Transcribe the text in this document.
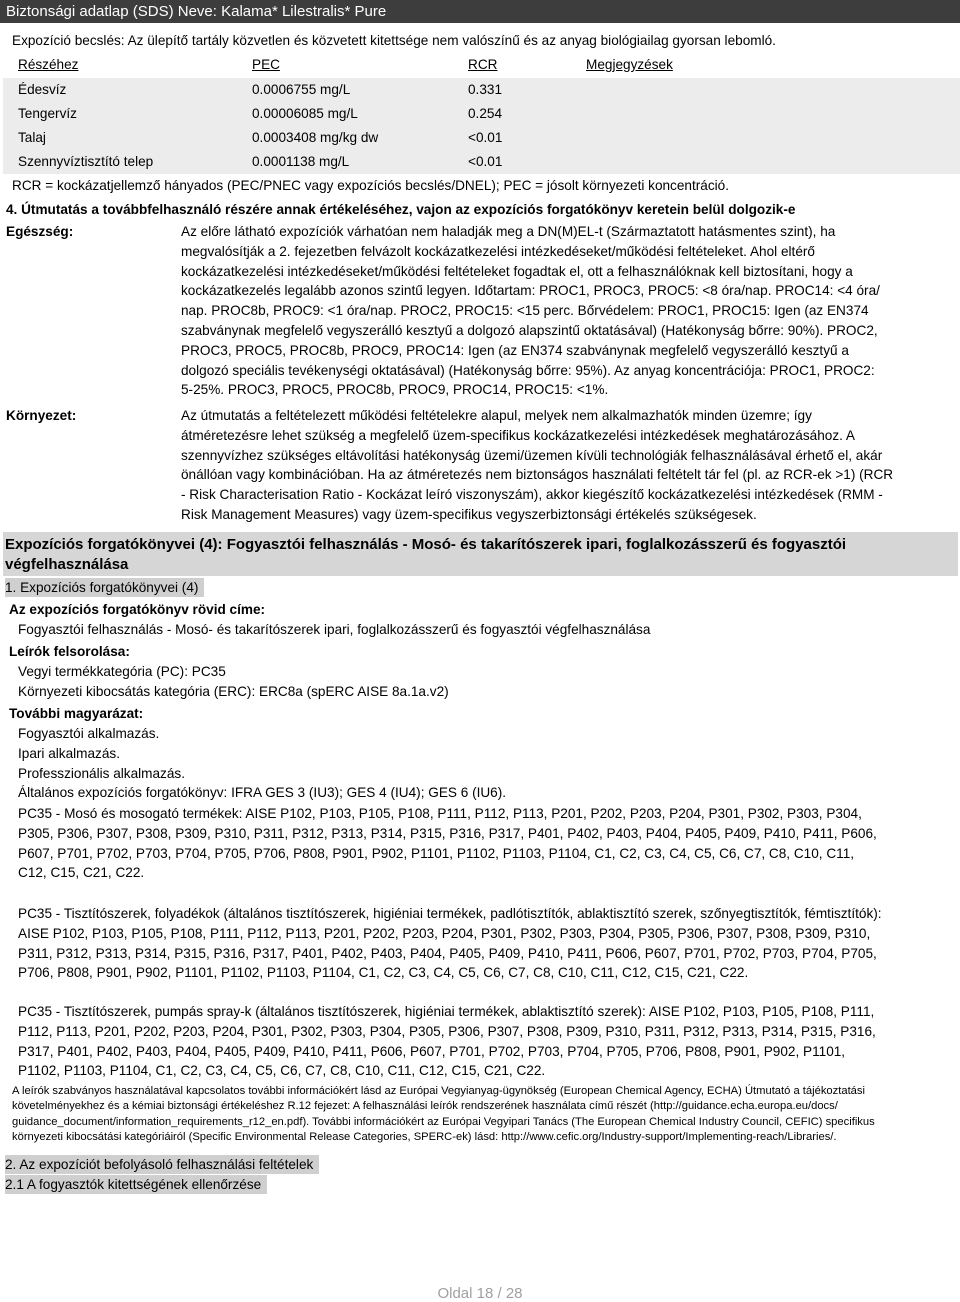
Biztonsági adatlap (SDS) Neve: Kalama* Lilestralis* Pure
Expozíció becslés: Az ülepítő tartály közvetlen és közvetett kitettsége nem valószínű és az anyag biológiailag gyorsan lebomló.
Részéhez	PEC	RCR	Megjegyzések
Édesvíz	0.0006755 mg/L	0.331
Tengervíz	0.00006085 mg/L	0.254
Talaj	0.0003408 mg/kg dw	<0.01
Szennyvíztisztító telep	0.0001138 mg/L	<0.01
RCR = kockázatjellemző hányados (PEC/PNEC vagy expozíciós becslés/DNEL); PEC = jósolt környezeti koncentráció.
4. Útmutatás a továbbfelhasználó részére annak értékeléséhez, vajon az expozíciós forgatókönyv keretein belül dolgozik-e
Egészség:	Az előre látható expozíciók várhatóan nem haladják meg a DN(M)EL-t (Származtatott hatásmentes szint), ha
megvalósítják a 2. fejezetben felvázolt kockázatkezelési intézkedéseket/működési feltételeket. Ahol eltérő
kockázatkezelési intézkedéseket/működési feltételeket fogadtak el, ott a felhasználóknak kell biztosítani, hogy a
kockázatkezelés legalább azonos szintű legyen. Időtartam: PROC1, PROC3, PROC5: <8 óra/nap. PROC14: <4 óra/
nap. PROC8b, PROC9: <1 óra/nap. PROC2, PROC15: <15 perc. Bőrvédelem: PROC1, PROC15: Igen (az EN374
szabványnak megfelelő vegyszerálló kesztyű a dolgozó alapszintű oktatásával) (Hatékonyság bőrre: 90%). PROC2,
PROC3, PROC5, PROC8b, PROC9, PROC14: Igen (az EN374 szabványnak megfelelő vegyszerálló kesztyű a
dolgozó speciális tevékenységi oktatásával) (Hatékonyság bőrre: 95%). Az anyag koncentrációja: PROC1, PROC2:
5-25%. PROC3, PROC5, PROC8b, PROC9, PROC14, PROC15: <1%.
Környezet:	Az útmutatás a feltételezett működési feltételekre alapul, melyek nem alkalmazhatók minden üzemre; így
átméretezésre lehet szükség a megfelelő üzem-specifikus kockázatkezelési intézkedések meghatározásához. A
szennyvízhez szükséges eltávolítási hatékonyság üzemi/üzemen kívüli technológiák felhasználásával érhető el, akár
önállóan vagy kombinációban. Ha az átméretezés nem biztonságos használati feltételt tár fel (pl. az RCR-ek >1) (RCR
- Risk Characterisation Ratio - Kockázat leíró viszonyszám), akkor kiegészítő kockázatkezelési intézkedések (RMM -
Risk Management Measures) vagy üzem-specifikus vegyszerbiztonsági értékelés szükségesek.
Expozíciós forgatókönyvei (4): Fogyasztói felhasználás - Mosó- és takarítószerek ipari, foglalkozásszerű és fogyasztói
végfelhasználása
1. Expozíciós forgatókönyvei (4)
Az expozíciós forgatókönyv rövid címe:
Fogyasztói felhasználás - Mosó- és takarítószerek ipari, foglalkozásszerű és fogyasztói végfelhasználása
Leírók felsorolása:
Vegyi termékkategória (PC): PC35
Környezeti kibocsátás kategória (ERC): ERC8a (spERC AISE 8a.1a.v2)
További magyarázat:
Fogyasztói alkalmazás.
Ipari alkalmazás.
Professzionális alkalmazás.
Általános expozíciós forgatókönyv: IFRA GES 3 (IU3); GES 4 (IU4); GES 6 (IU6).
PC35 - Mosó és mosogató termékek: AISE P102, P103, P105, P108, P111, P112, P113, P201, P202, P203, P204, P301, P302, P303, P304,
P305, P306, P307, P308, P309, P310, P311, P312, P313, P314, P315, P316, P317, P401, P402, P403, P404, P405, P409, P410, P411, P606,
P607, P701, P702, P703, P704, P705, P706, P808, P901, P902, P1101, P1102, P1103, P1104, C1, C2, C3, C4, C5, C6, C7, C8, C10, C11,
C12, C15, C21, C22.
PC35 - Tisztítószerek, folyadékok (általános tisztítószerek, higiéniai termékek, padlótisztítók, ablaktisztító szerek, szőnyegtisztítók, fémtisztítók):
AISE P102, P103, P105, P108, P111, P112, P113, P201, P202, P203, P204, P301, P302, P303, P304, P305, P306, P307, P308, P309, P310,
P311, P312, P313, P314, P315, P316, P317, P401, P402, P403, P404, P405, P409, P410, P411, P606, P607, P701, P702, P703, P704, P705,
P706, P808, P901, P902, P1101, P1102, P1103, P1104, C1, C2, C3, C4, C5, C6, C7, C8, C10, C11, C12, C15, C21, C22.
PC35 - Tisztítószerek, pumpás spray-k (általános tisztítószerek, higiéniai termékek, ablaktisztító szerek): AISE P102, P103, P105, P108, P111,
P112, P113, P201, P202, P203, P204, P301, P302, P303, P304, P305, P306, P307, P308, P309, P310, P311, P312, P313, P314, P315, P316,
P317, P401, P402, P403, P404, P405, P409, P410, P411, P606, P607, P701, P702, P703, P704, P705, P706, P808, P901, P902, P1101,
P1102, P1103, P1104, C1, C2, C3, C4, C5, C6, C7, C8, C10, C11, C12, C15, C21, C22.
A leírók szabványos használatával kapcsolatos további információkért lásd az Európai Vegyianyag-ügynökség (European Chemical Agency, ECHA) Útmutató a tájékoztatási
követelményekhez és a kémiai biztonsági értékeléshez R.12 fejezet: A felhasználási leírók rendszerének használata című részét (http://guidance.echa.europa.eu/docs/
guidance_document/information_requirements_r12_en.pdf). További információkért az Európai Vegyipari Tanács (The European Chemical Industry Council, CEFIC) specifikus
környezeti kibocsátási kategóriáiról (Specific Environmental Release Categories, SPERC-ek) lásd: http://www.cefic.org/Industry-support/Implementing-reach/Libraries/.
2. Az expozíciót befolyásoló felhasználási feltételek
2.1 A fogyasztók kitettségének ellenőrzése
Oldal 18 / 28
